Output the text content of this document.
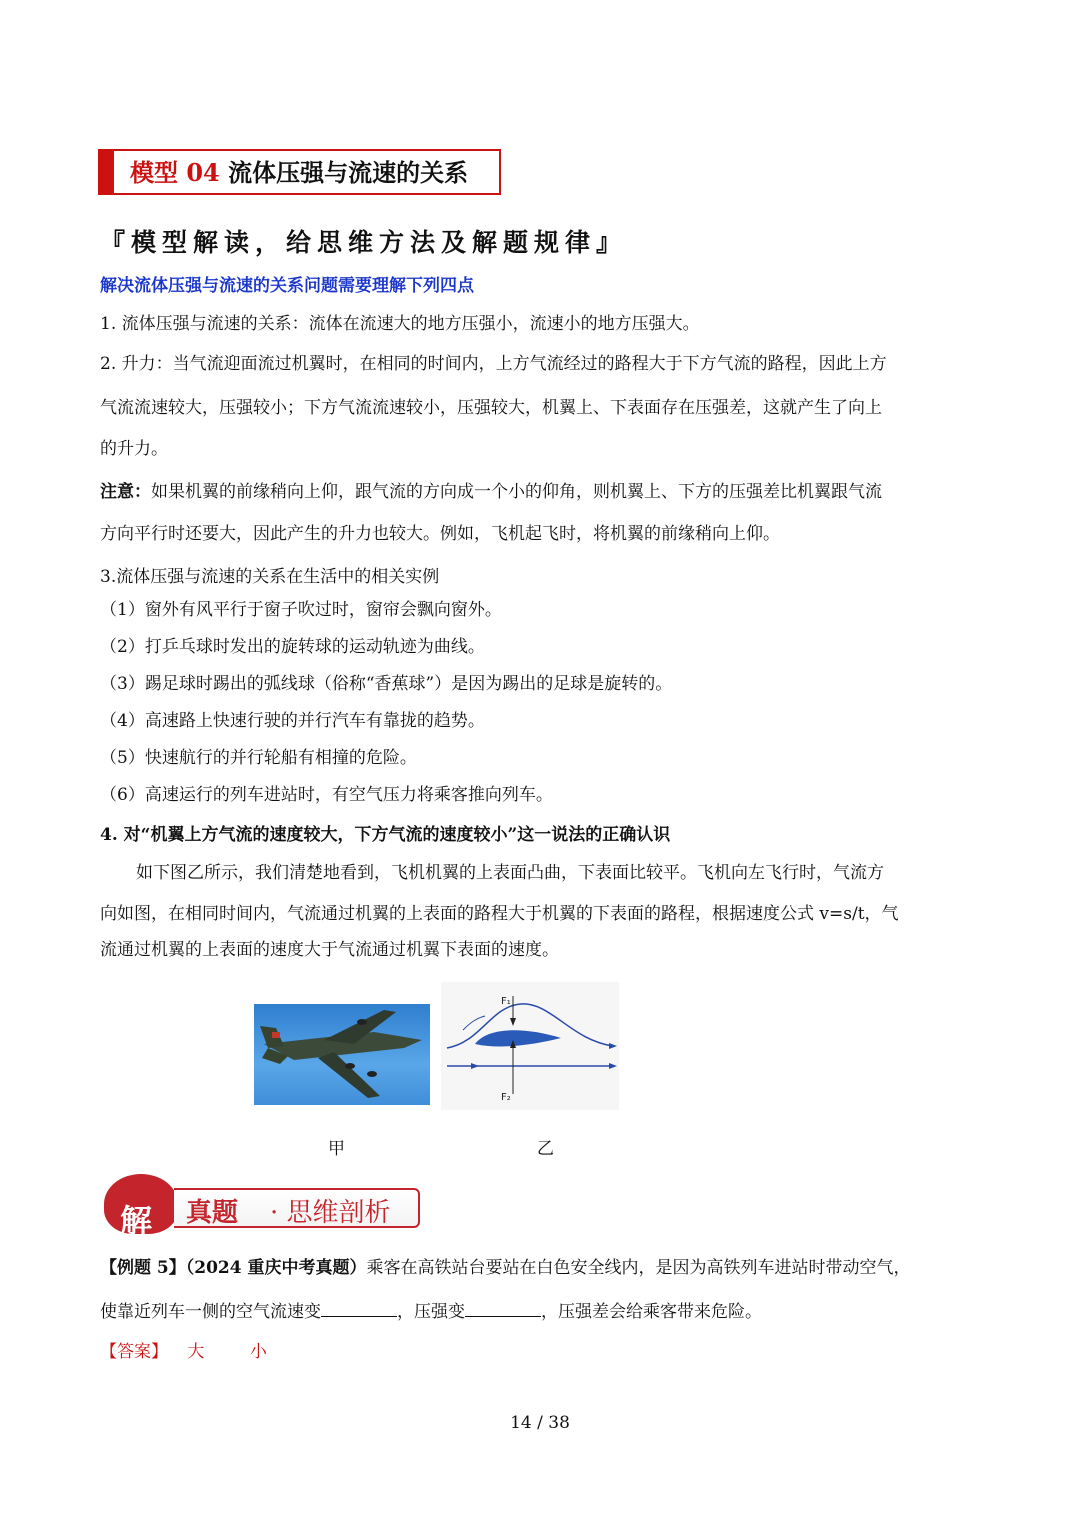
模型 04 流体压强与流速的关系
『模型解读，给思维方法及解题规律』
解决流体压强与流速的关系问题需要理解下列四点
1. 流体压强与流速的关系：流体在流速大的地方压强小，流速小的地方压强大。
2. 升力：当气流迎面流过机翼时，在相同的时间内，上方气流经过的路程大于下方气流的路程，因此上方
气流流速较大，压强较小；下方气流流速较小，压强较大，机翼上、下表面存在压强差，这就产生了向上
的升力。
注意：如果机翼的前缘稍向上仰，跟气流的方向成一个小的仰角，则机翼上、下方的压强差比机翼跟气流
方向平行时还要大，因此产生的升力也较大。例如，飞机起飞时，将机翼的前缘稍向上仰。
3.流体压强与流速的关系在生活中的相关实例
（1）窗外有风平行于窗子吹过时，窗帘会飘向窗外。
（2）打乒乓球时发出的旋转球的运动轨迹为曲线。
（3）踢足球时踢出的弧线球（俗称“香蕉球”）是因为踢出的足球是旋转的。
（4）高速路上快速行驶的并行汽车有靠拢的趋势。
（5）快速航行的并行轮船有相撞的危险。
（6）高速运行的列车进站时，有空气压力将乘客推向列车。
4. 对“机翼上方气流的速度较大，下方气流的速度较小”这一说法的正确认识
如下图乙所示，我们清楚地看到，飞机机翼的上表面凸曲，下表面比较平。飞机向左飞行时，气流方
向如图，在相同时间内，气流通过机翼的上表面的路程大于机翼的下表面的路程，根据速度公式 v=s/t，气
流通过机翼的上表面的速度大于气流通过机翼下表面的速度。
F₁
F₂
甲	乙
解 真题 · 思维剖析
【例题 5】（2024 重庆中考真题）乘客在高铁站台要站在白色安全线内，是因为高铁列车进站时带动空气，
使靠近列车一侧的空气流速变	，压强变	，压强差会给乘客带来危险。
【答案】 大	小
14 / 38
